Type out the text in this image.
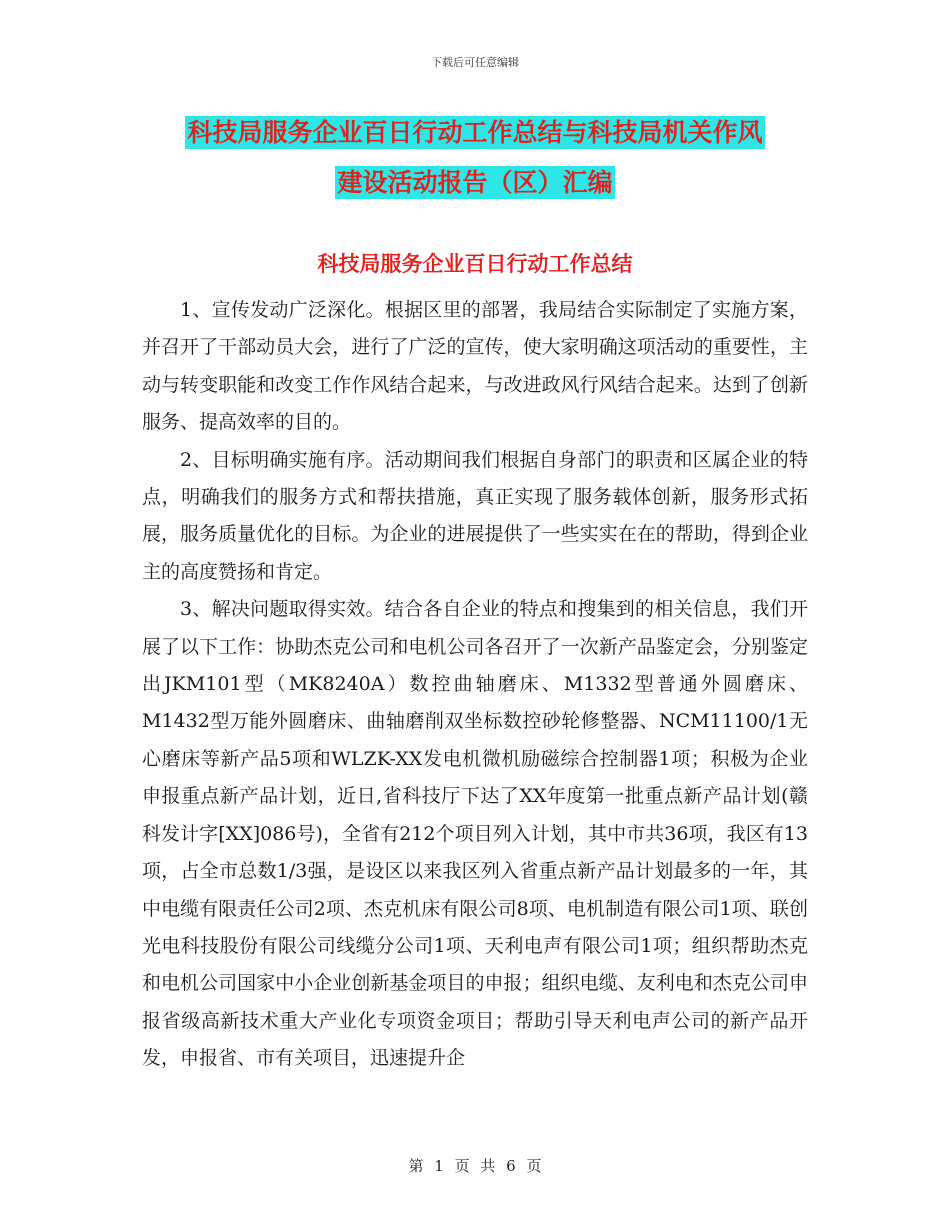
下载后可任意编辑
科技局服务企业百日行动工作总结与科技局机关作风
建设活动报告（区）汇编
科技局服务企业百日行动工作总结

1、宣传发动广泛深化。根据区里的部署，我局结合实际制定了实施方案，并召开了干部动员大会，进行了广泛的宣传，使大家明确这项活动的重要性，主动与转变职能和改变工作作风结合起来，与改进政风行风结合起来。达到了创新服务、提高效率的目的。

2、目标明确实施有序。活动期间我们根据自身部门的职责和区属企业的特点，明确我们的服务方式和帮扶措施，真正实现了服务载体创新，服务形式拓展，服务质量优化的目标。为企业的进展提供了一些实实在在的帮助，得到企业主的高度赞扬和肯定。

3、解决问题取得实效。结合各自企业的特点和搜集到的相关信息，我们开展了以下工作：协助杰克公司和电机公司各召开了一次新产品鉴定会，分别鉴定出JKM101型（MK8240A）数控曲轴磨床、M1332型普通外圆磨床、M1432型万能外圆磨床、曲轴磨削双坐标数控砂轮修整器、NCM11100/1无心磨床等新产品5项和WLZK-XX发电机微机励磁综合控制器1项；积极为企业申报重点新产品计划，近日,省科技厅下达了XX年度第一批重点新产品计划(赣科发计字[XX]086号)，全省有212个项目列入计划，其中市共36项，我区有13项，占全市总数1/3强，是设区以来我区列入省重点新产品计划最多的一年，其中电缆有限责任公司2项、杰克机床有限公司8项、电机制造有限公司1项、联创光电科技股份有限公司线缆分公司1项、天利电声有限公司1项；组织帮助杰克和电机公司国家中小企业创新基金项目的申报；组织电缆、友利电和杰克公司申报省级高新技术重大产业化专项资金项目；帮助引导天利电声公司的新产品开发，申报省、市有关项目，迅速提升企

第 1 页 共 6 页
